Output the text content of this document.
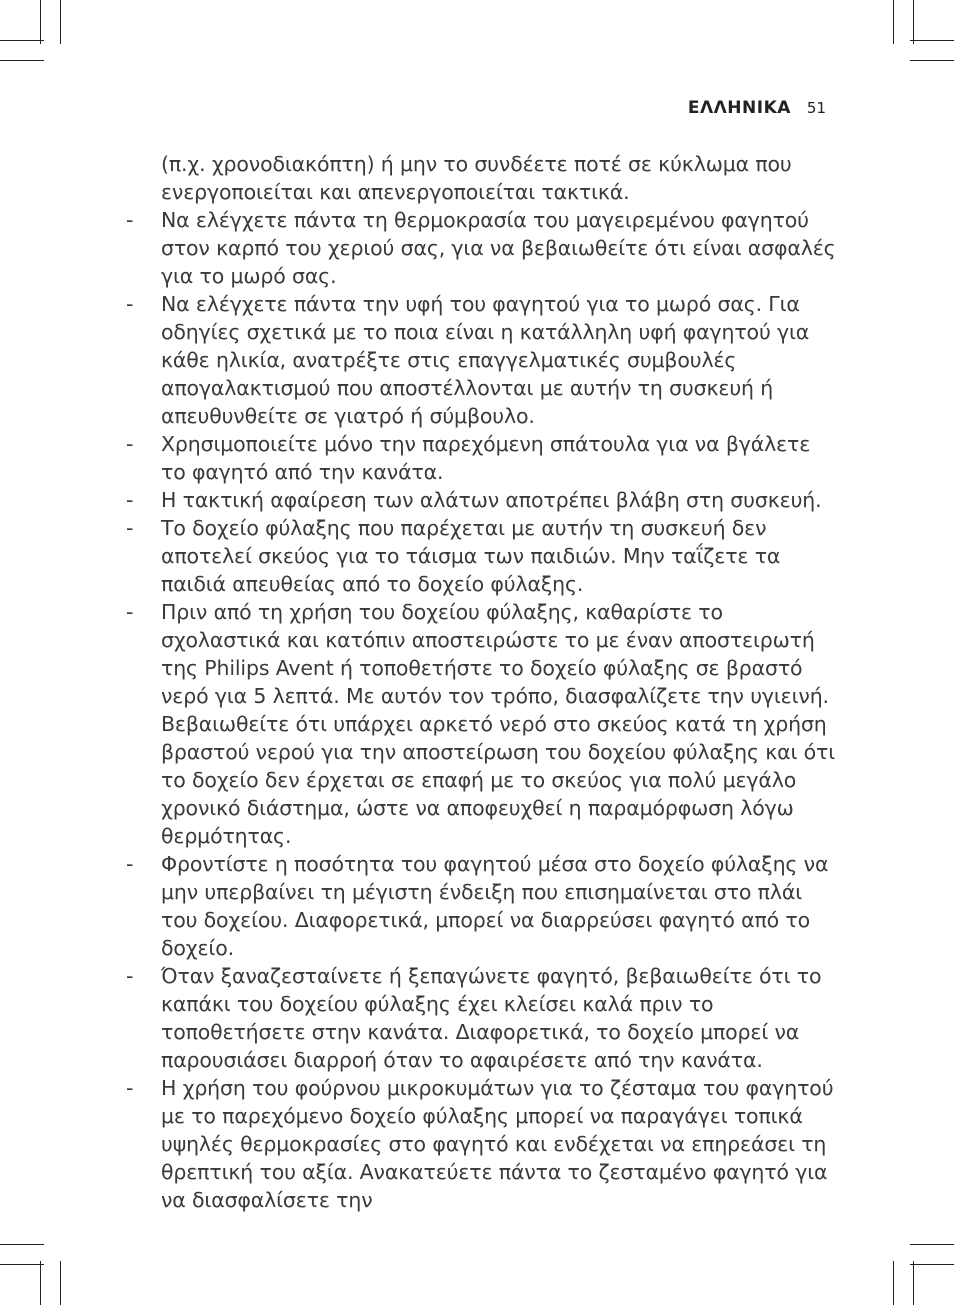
ΕΛΛΗΝΙΚΑ 51

(π.χ. χρονοδιακόπτη) ή μην το συνδέετε ποτέ σε κύκλωμα που ενεργοποιείται και απενεργοποιείται τακτικά.

-	Να ελέγχετε πάντα τη θερμοκρασία του μαγειρεμένου φαγητού στον καρπό του χεριού σας, για να βεβαιωθείτε ότι είναι ασφαλές για το μωρό σας.
-	Να ελέγχετε πάντα την υφή του φαγητού για το μωρό σας. Για οδηγίες σχετικά με το ποια είναι η κατάλληλη υφή φαγητού για κάθε ηλικία, ανατρέξτε στις επαγγελματικές συμβουλές απογαλακτισμού που αποστέλλονται με αυτήν τη συσκευή ή απευθυνθείτε σε γιατρό ή σύμβουλο.
-	Χρησιμοποιείτε μόνο την παρεχόμενη σπάτουλα για να βγάλετε το φαγητό από την κανάτα.
-	Η τακτική αφαίρεση των αλάτων αποτρέπει βλάβη στη συσκευή.
-	Το δοχείο φύλαξης που παρέχεται με αυτήν τη συσκευή δεν αποτελεί σκεύος για το τάισμα των παιδιών. Μην ταΐζετε τα παιδιά απευθείας από το δοχείο φύλαξης.
-	Πριν από τη χρήση του δοχείου φύλαξης, καθαρίστε το σχολαστικά και κατόπιν αποστειρώστε το με έναν αποστειρωτή της Philips Avent ή τοποθετήστε το δοχείο φύλαξης σε βραστό νερό για 5 λεπτά. Με αυτόν τον τρόπο, διασφαλίζετε την υγιεινή. Βεβαιωθείτε ότι υπάρχει αρκετό νερό στο σκεύος κατά τη χρήση βραστού νερού για την αποστείρωση του δοχείου φύλαξης και ότι το δοχείο δεν έρχεται σε επαφή με το σκεύος για πολύ μεγάλο χρονικό διάστημα, ώστε να αποφευχθεί η παραμόρφωση λόγω θερμότητας.
-	Φροντίστε η ποσότητα του φαγητού μέσα στο δοχείο φύλαξης να μην υπερβαίνει τη μέγιστη ένδειξη που επισημαίνεται στο πλάι του δοχείου. Διαφορετικά, μπορεί να διαρρεύσει φαγητό από το δοχείο.
-	Όταν ξαναζεσταίνετε ή ξεπαγώνετε φαγητό, βεβαιωθείτε ότι το καπάκι του δοχείου φύλαξης έχει κλείσει καλά πριν το τοποθετήσετε στην κανάτα. Διαφορετικά, το δοχείο μπορεί να παρουσιάσει διαρροή όταν το αφαιρέσετε από την κανάτα.
-	Η χρήση του φούρνου μικροκυμάτων για το ζέσταμα του φαγητού με το παρεχόμενο δοχείο φύλαξης μπορεί να παραγάγει τοπικά υψηλές θερμοκρασίες στο φαγητό και ενδέχεται να επηρεάσει τη θρεπτική του αξία. Ανακατεύετε πάντα το ζεσταμένο φαγητό για να διασφαλίσετε την
